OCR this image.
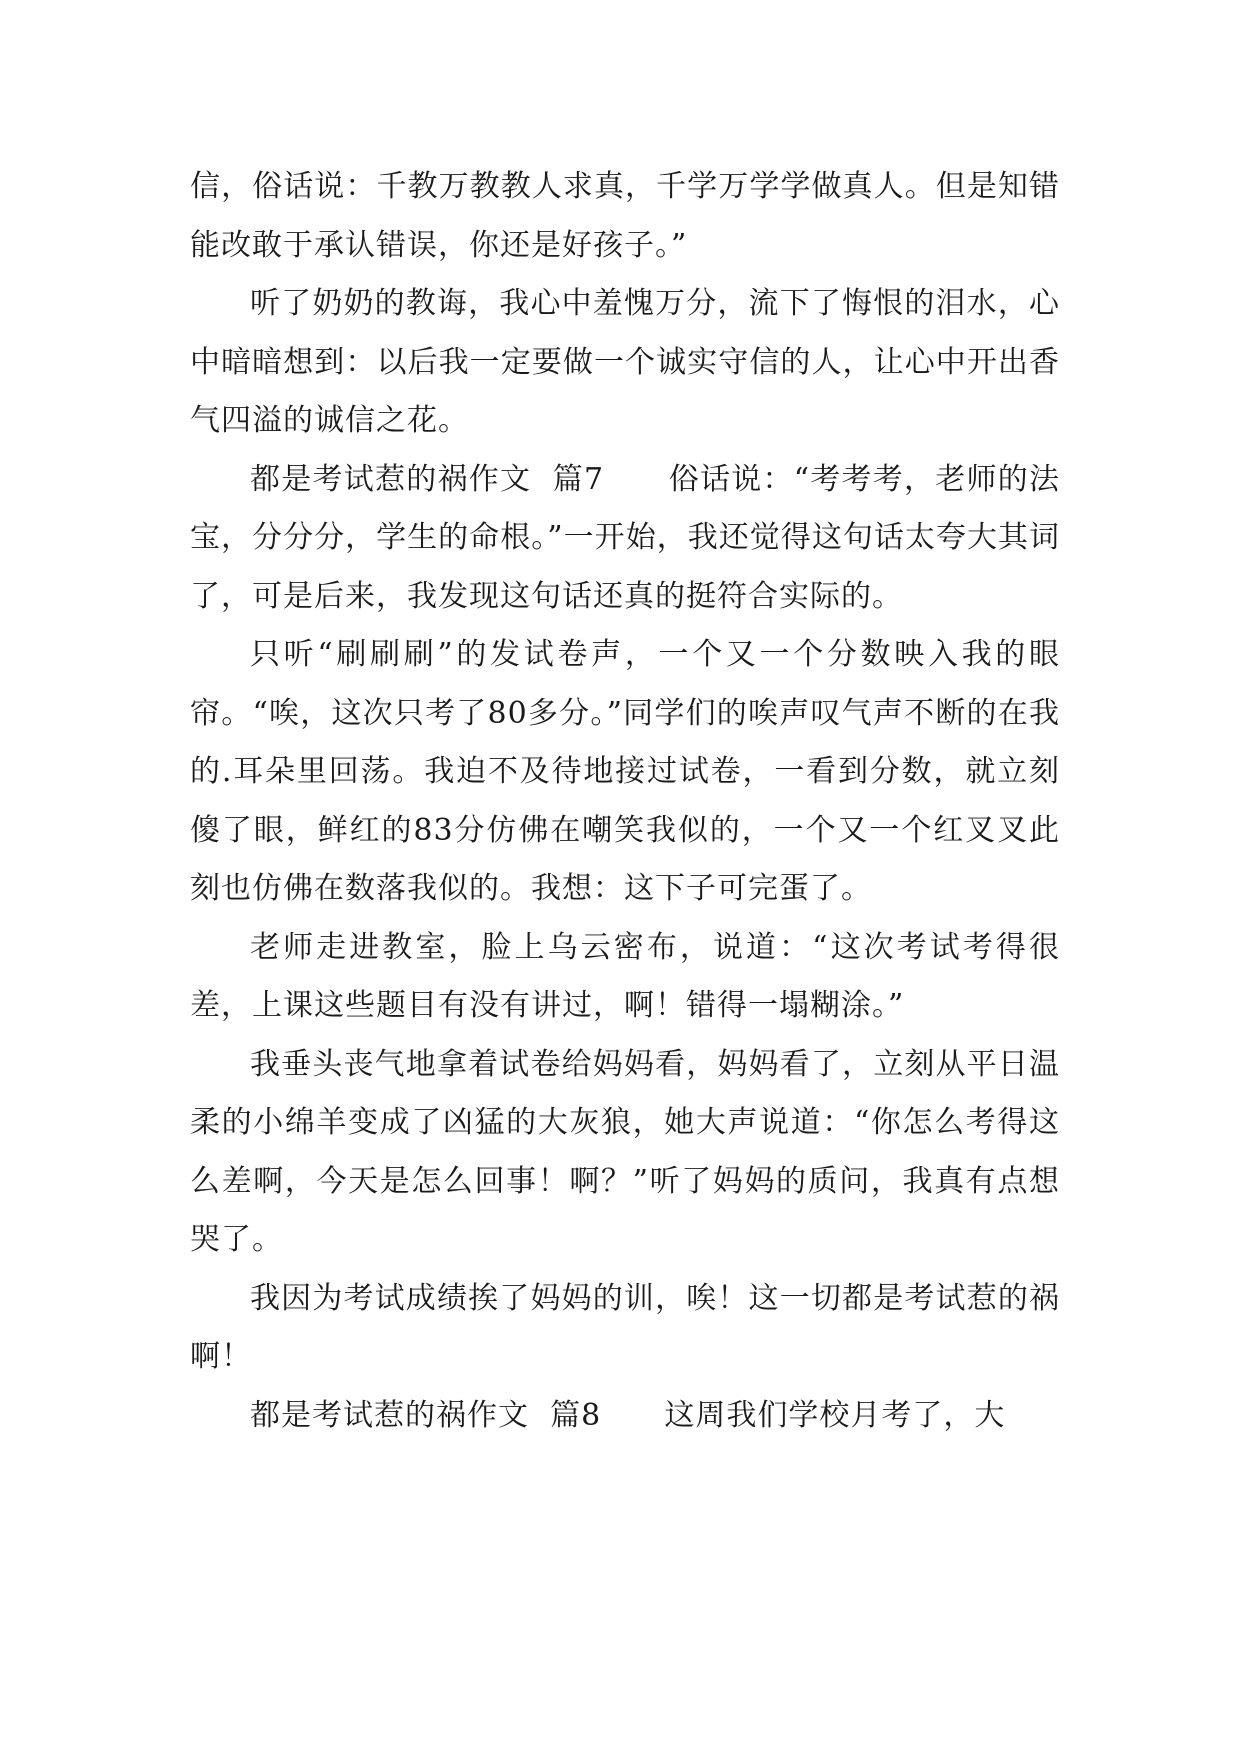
信，俗话说：千教万教教人求真，千学万学学做真人。但是知错能改敢于承认错误，你还是好孩子。”

听了奶奶的教诲，我心中羞愧万分，流下了悔恨的泪水，心中暗暗想到：以后我一定要做一个诚实守信的人，让心中开出香气四溢的诚信之花。

都是考试惹的祸作文  篇7      俗话说：“考考考，老师的法宝，分分分，学生的命根。”一开始，我还觉得这句话太夸大其词了，可是后来，我发现这句话还真的挺符合实际的。

只听“刷刷刷”的发试卷声，一个又一个分数映入我的眼帘。“唉，这次只考了80多分。”同学们的唉声叹气声不断的在我的.耳朵里回荡。我迫不及待地接过试卷，一看到分数，就立刻傻了眼，鲜红的83分仿佛在嘲笑我似的，一个又一个红叉叉此刻也仿佛在数落我似的。我想：这下子可完蛋了。

老师走进教室，脸上乌云密布，说道：“这次考试考得很差，上课这些题目有没有讲过，啊！错得一塌糊涂。”

我垂头丧气地拿着试卷给妈妈看，妈妈看了，立刻从平日温柔的小绵羊变成了凶猛的大灰狼，她大声说道：“你怎么考得这么差啊，今天是怎么回事！啊？”听了妈妈的质问，我真有点想哭了。

我因为考试成绩挨了妈妈的训，唉！这一切都是考试惹的祸啊！

都是考试惹的祸作文  篇8      这周我们学校月考了，大
